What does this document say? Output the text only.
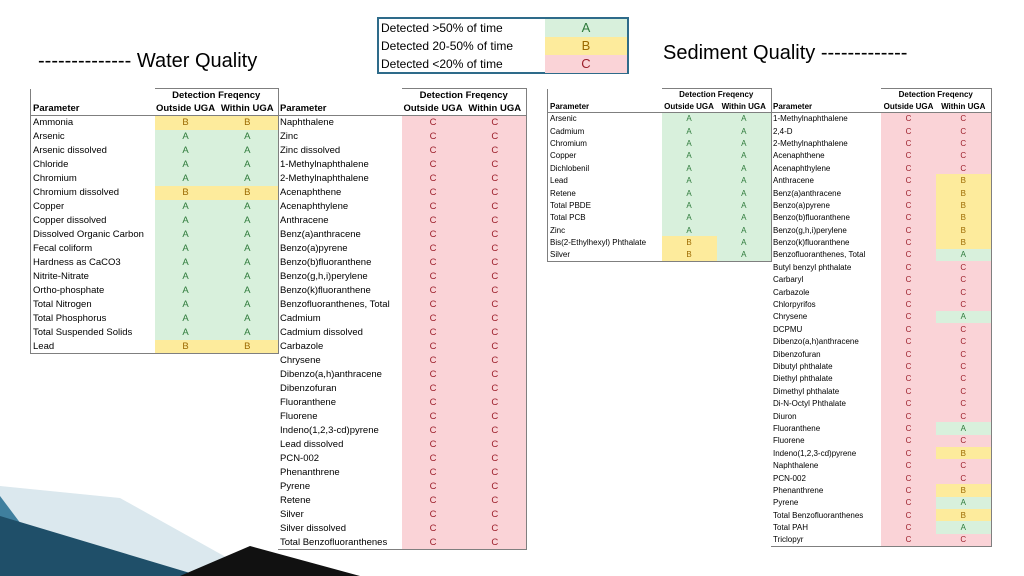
Detected >50% of time	A
Detected 20-50% of time	B
Detected <20% of time	C
-------------- Water Quality	Sediment Quality -------------
	Detection Freqency	
Parameter	Outside UGA	Within UGA
Ammonia	B	B
Arsenic	A	A
Arsenic dissolved	A	A
Chloride	A	A
Chromium	A	A
Chromium dissolved	B	B
Copper	A	A
Copper dissolved	A	A
Dissolved Organic Carbon	A	A
Fecal coliform	A	A
Hardness as CaCO3	A	A
Nitrite-Nitrate	A	A
Ortho-phosphate	A	A
Total Nitrogen	A	A
Total Phosphorus	A	A
Total Suspended Solids	A	A
Lead	B	B
	Detection Freqency	
Parameter	Outside UGA	Within UGA
Naphthalene	C	C
Zinc	C	C
Zinc dissolved	C	C
1-Methylnaphthalene	C	C
2-Methylnaphthalene	C	C
Acenaphthene	C	C
Acenaphthylene	C	C
Anthracene	C	C
Benz(a)anthracene	C	C
Benzo(a)pyrene	C	C
Benzo(b)fluoranthene	C	C
Benzo(g,h,i)perylene	C	C
Benzo(k)fluoranthene	C	C
Benzofluoranthenes, Total	C	C
Cadmium	C	C
Cadmium dissolved	C	C
Carbazole	C	C
Chrysene	C	C
Dibenzo(a,h)anthracene	C	C
Dibenzofuran	C	C
Fluoranthene	C	C
Fluorene	C	C
Indeno(1,2,3-cd)pyrene	C	C
Lead dissolved	C	C
PCN-002	C	C
Phenanthrene	C	C
Pyrene	C	C
Retene	C	C
Silver	C	C
Silver dissolved	C	C
Total Benzofluoranthenes	C	C
	Detection Freqency	
Parameter	Outside UGA	Within UGA
Arsenic	A	A
Cadmium	A	A
Chromium	A	A
Copper	A	A
Dichlobenil	A	A
Lead	A	A
Retene	A	A
Total PBDE	A	A
Total PCB	A	A
Zinc	A	A
Bis(2-Ethylhexyl) Phthalate	B	A
Silver	B	A
	Detection Freqency	
Parameter	Outside UGA	Within UGA
1-Methylnaphthalene	C	C
2,4-D	C	C
2-Methylnaphthalene	C	C
Acenaphthene	C	C
Acenaphthylene	C	C
Anthracene	C	B
Benz(a)anthracene	C	B
Benzo(a)pyrene	C	B
Benzo(b)fluoranthene	C	B
Benzo(g,h,i)perylene	C	B
Benzo(k)fluoranthene	C	B
Benzofluoranthenes, Total	C	A
Butyl benzyl phthalate	C	C
Carbaryl	C	C
Carbazole	C	C
Chlorpyrifos	C	C
Chrysene	C	A
DCPMU	C	C
Dibenzo(a,h)anthracene	C	C
Dibenzofuran	C	C
Dibutyl phthalate	C	C
Diethyl phthalate	C	C
Dimethyl phthalate	C	C
Di-N-Octyl Phthalate	C	C
Diuron	C	C
Fluoranthene	C	A
Fluorene	C	C
Indeno(1,2,3-cd)pyrene	C	B
Naphthalene	C	C
PCN-002	C	C
Phenanthrene	C	B
Pyrene	C	A
Total Benzofluoranthenes	C	B
Total PAH	C	A
Triclopyr	C	C
